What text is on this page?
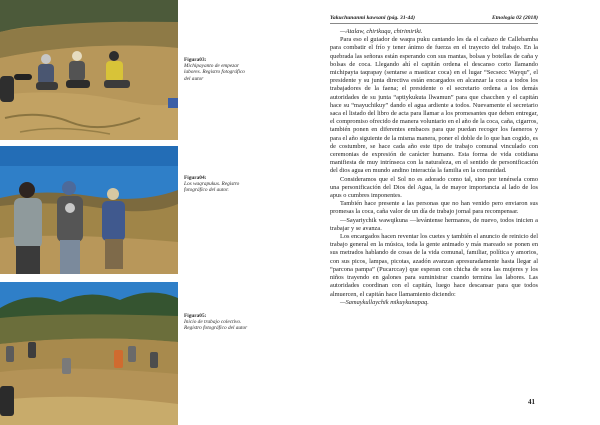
Figura03:
Michipayanto de empezar labores. Registro fotográfico del autor
Figura04:
Los waqrapukus. Registro fotográfico del autor.
Figura05:
Inicio de trabajo colectivo. Registro fotográfico del autor
Yakuchunanmi kawsani (pág. 31-44)	Etnología 02 (2018)

—Atalaw, chirikuqa, chirimiriki.

Para eso el guiador de waqra puku cantando les da el cañazo de Callebamba para combatir el frío y tener ánimo de fuerza en el trayecto del trabajo. En la quebrada las señoras están esperando con sus mantas, bolsas y botellas de caña y bolsas de coca. Llegando ahí el capitán ordena el descanso corto llamando michipayta taqrapay (sentarse a masticar coca) en el lugar “Secsecc Wayqu”, el presidente y su junta directiva están encargados en alcanzar la coca a todos los trabajadores de la faena; el presidente o el secretario ordena a los demás autoridades de su junta “aptiykukuta llwamun” para que chacchen y el capitán hace su “mayuchikuy” dando el agua ardiente a todos. Nuevamente el secretario saca el listado del libro de acta para llamar a los promesantes que deben entregar, el compromiso ofrecido de manera voluntario en el año de la coca, caña, cigarros, también ponen en diferentes embaces para que puedan recoger los faeneros y para el año siguiente de la misma manera, poner el doble de lo que han cogido, es de costumbre, se hace cada año este tipo de trabajo comunal vinculado con ceremonias de expresión de carácter humano. Esta forma de vida cotidiana manifiesta de muy intrínseca con la naturaleza, en el sentido de personificación del dios agua en mundo andino interactúa la familia en la comunidad.

Consideramos que el Sol no es adorado como tal, sino por tenérsela como una personificación del Dios del Agua, la de mayor importancia al lado de los apus o cumbres imponentes.

También hace presente a las personas que no han venido pero enviaron sus promesas la coca, caña valor de un día de trabajo jornal para recompensar.

—Sayariychik wawqikuna —levántense hermanos, de nuevo, todos inicien a trabajar y se avanza.

Los encargados hacen reventar los cuetes y también el anuncio de reinicio del trabajo general en la música, toda la gente animado y más mareado se ponen en sus metrados hablando de cosas de la vida comunal, familiar, política y amorios, con sus picos, lampas, picotas, azadón avanzan apresuradamente hasta llegar al “parcona pampa” (Pucarccay) que esperan con chicha de sora las mujeres y los niños trayendo en galones para suministrar cuando termina las labores. Las autoridades coordinan con el capitán, luego hace descansar para que todos almuercen, el capitán hace llamamiento diciendo:

—Samaykullaychik mikuykunapaq.

41
